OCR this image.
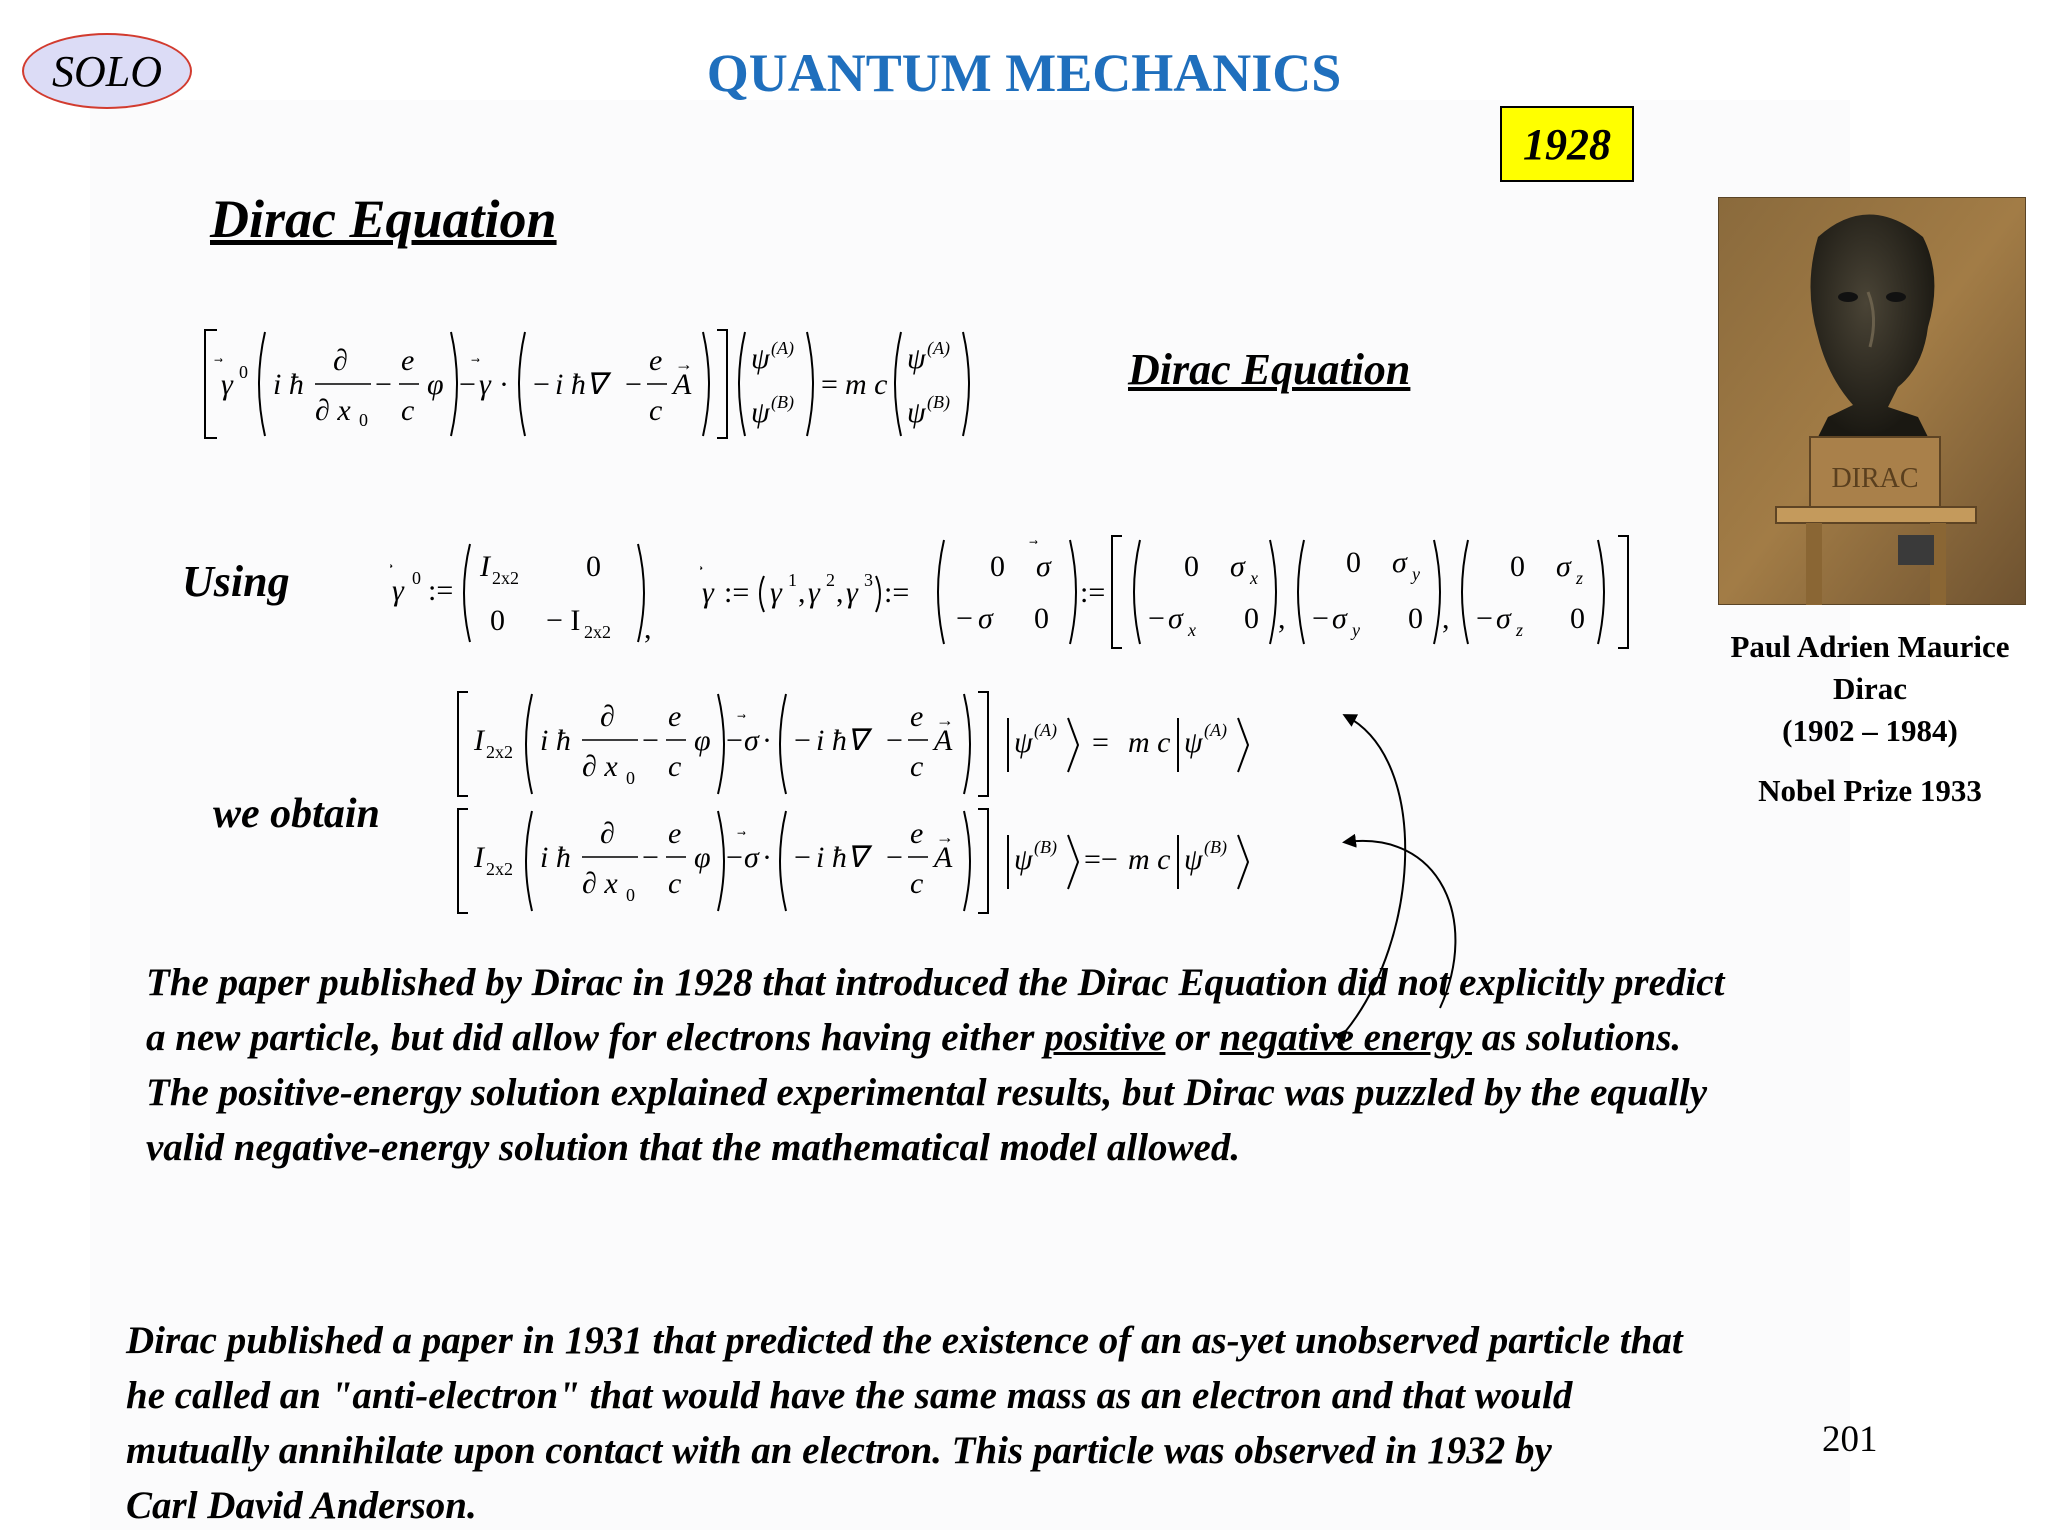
SOLO	QUANTUM MECHANICS
1928
Dirac Equation
γ 0 i ħ
∂
∂ x 0
−
e
c
φ − γ · − i ħ∇ −
e
c
A
→ ψ (A)
ψ (B)
= m c
ψ (A)
ψ (B)
Dirac Equation
Using	γ 0 :=
I 2x2 0
0 − I 2x2 ,
γ := γ 1 , γ 2 , γ 3 :=
0 σ
− σ 0
:=
0 σ x
− σ x 0 ,
0 σ y
− σ y 0 ,
0 σ z
− σ z 0
we obtain
I 2x2 i ħ
∂
∂ x 0
−
e
c
φ − σ · − i ħ∇ −
e
c
A
→
ψ (A) = m c ψ (A)
I 2x2 i ħ
∂
∂ x 0
−
e
c
φ − σ · − i ħ∇ −
e
c
A
→
ψ (B) =− m c ψ (B)
The paper published by Dirac in 1928 that introduced the Dirac Equation did not explicitly predict
a new particle, but did allow for electrons having either positive or negative energy as solutions.
The positive-energy solution explained experimental results, but Dirac was puzzled by the equally
valid negative-energy solution that the mathematical model allowed.
Dirac published a paper in 1931 that predicted the existence of an as-yet unobserved particle that
he called an "anti-electron" that would have the same mass as an electron and that would
mutually annihilate upon contact with an electron. This particle was observed in 1932 by
Carl David Anderson.
DIRAC
Paul Adrien Maurice
Dirac
(1902 – 1984)
Nobel Prize 1933
201
